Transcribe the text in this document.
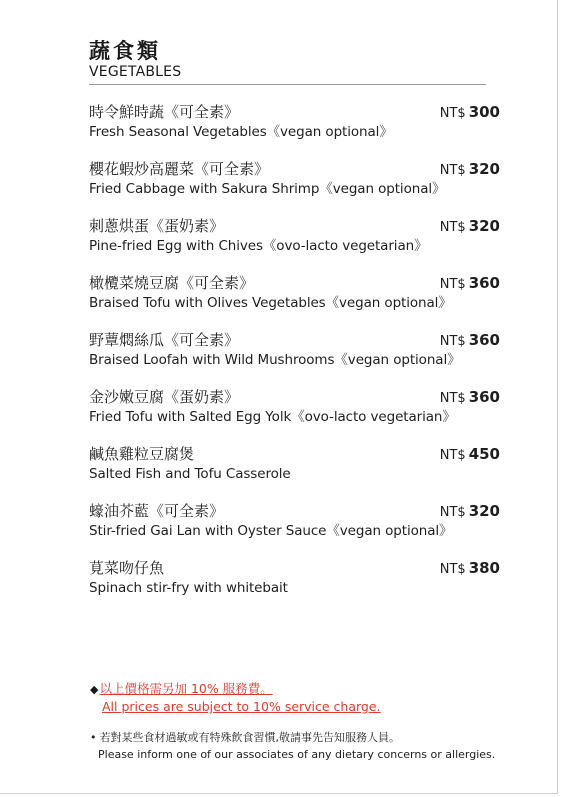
蔬食類
VEGETABLES
時令鮮時蔬《可全素》
Fresh Seasonal Vegetables《vegan optional》
NT$ 300
櫻花蝦炒高麗菜《可全素》
Fried Cabbage with Sakura Shrimp《vegan optional》
NT$ 320
刺蔥烘蛋《蛋奶素》
Pine-fried Egg with Chives《ovo-lacto vegetarian》
NT$ 320
橄欖菜燒豆腐《可全素》
Braised Tofu with Olives Vegetables《vegan optional》
NT$ 360
野蕈燜絲瓜《可全素》
Braised Loofah with Wild Mushrooms《vegan optional》
NT$ 360
金沙嫩豆腐《蛋奶素》
Fried Tofu with Salted Egg Yolk《ovo-lacto vegetarian》
NT$ 360
鹹魚雞粒豆腐煲
Salted Fish and Tofu Casserole
NT$ 450
蠔油芥藍《可全素》
Stir-fried Gai Lan with Oyster Sauce《vegan optional》
NT$ 320
莧菜吻仔魚
Spinach stir-fry with whitebait
NT$ 380
◆以上價格需另加 10% 服務費。
All prices are subject to 10% service charge.
• 若對某些食材過敏或有特殊飲食習慣,敬請事先告知服務人員。
Please inform one of our associates of any dietary concerns or allergies.
